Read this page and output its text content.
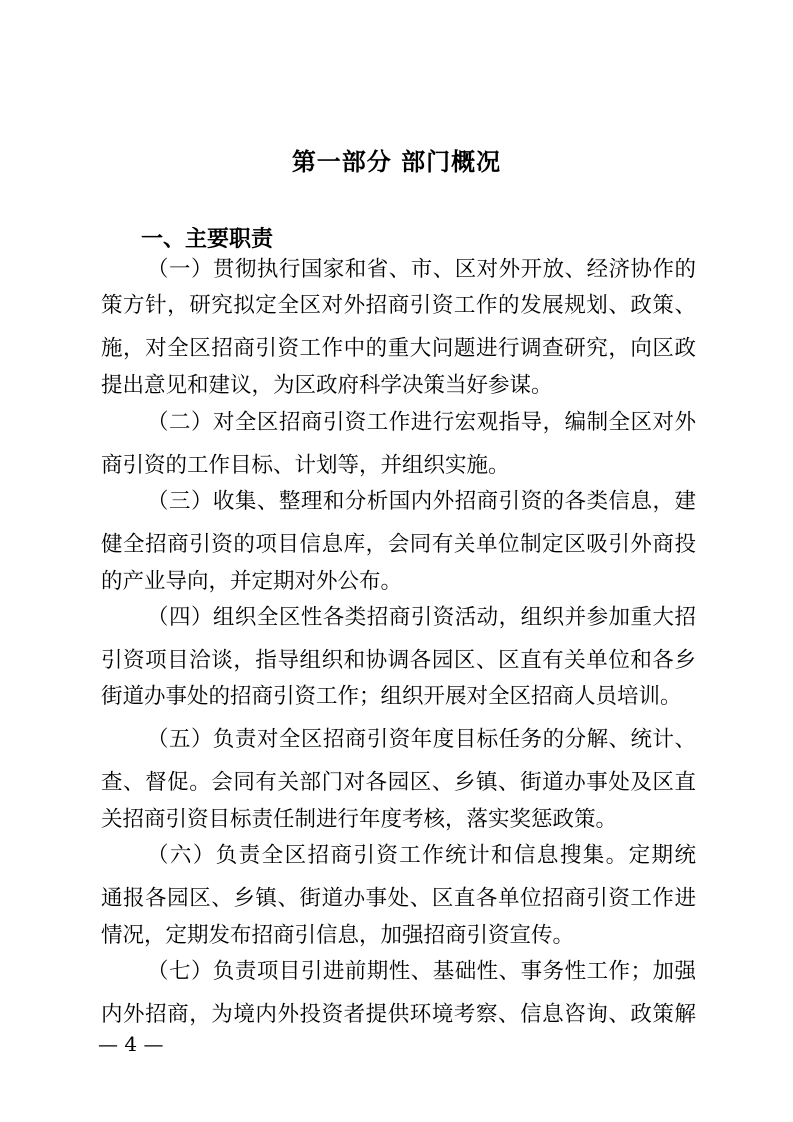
第一部分 部门概况
一、主要职责
（一）贯彻执行国家和省、市、区对外开放、经济协作的
策方针，研究拟定全区对外招商引资工作的发展规划、政策、
施，对全区招商引资工作中的重大问题进行调查研究，向区政
提出意见和建议，为区政府科学决策当好参谋。
（二）对全区招商引资工作进行宏观指导，编制全区对外
商引资的工作目标、计划等，并组织实施。
（三）收集、整理和分析国内外招商引资的各类信息，建
健全招商引资的项目信息库，会同有关单位制定区吸引外商投
的产业导向，并定期对外公布。
（四）组织全区性各类招商引资活动，组织并参加重大招
引资项目洽谈，指导组织和协调各园区、区直有关单位和各乡
街道办事处的招商引资工作；组织开展对全区招商人员培训。
（五）负责对全区招商引资年度目标任务的分解、统计、
查、督促。会同有关部门对各园区、乡镇、街道办事处及区直
关招商引资目标责任制进行年度考核，落实奖惩政策。
（六）负责全区招商引资工作统计和信息搜集。定期统
通报各园区、乡镇、街道办事处、区直各单位招商引资工作进
情况，定期发布招商引信息，加强招商引资宣传。
（七）负责项目引进前期性、基础性、事务性工作；加强
内外招商，为境内外投资者提供环境考察、信息咨询、政策解
— 4 —
